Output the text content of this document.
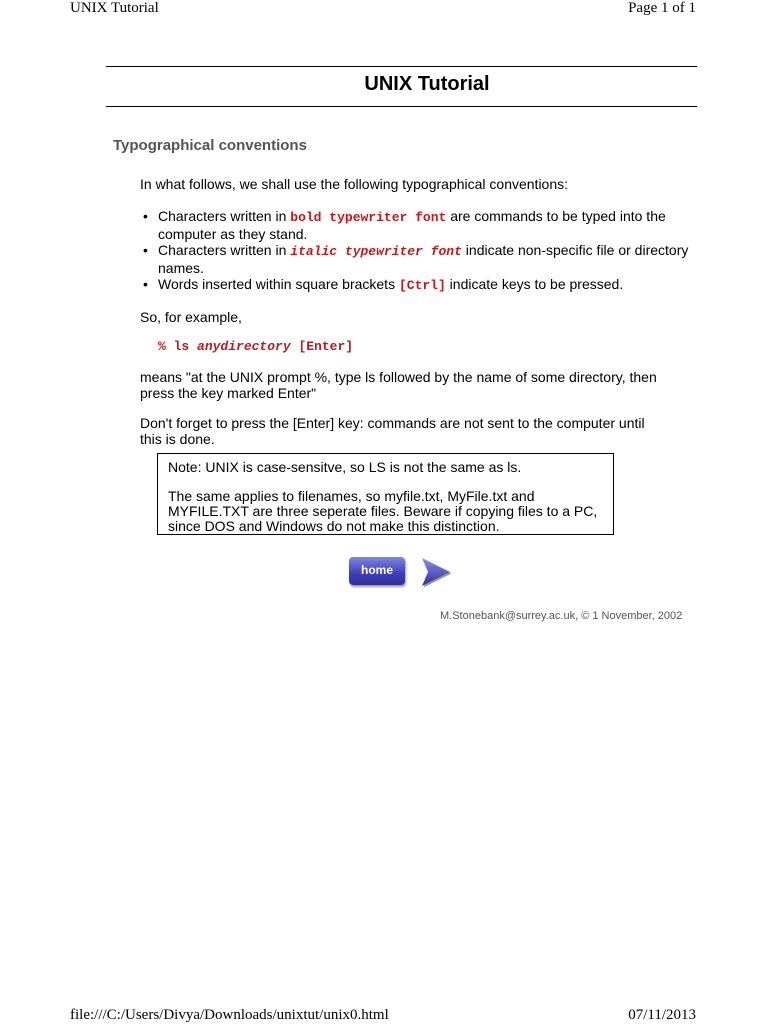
UNIX Tutorial	Page 1 of 1
UNIX Tutorial
Typographical conventions

In what follows, we shall use the following typographical conventions:

• Characters written in bold typewriter font are commands to be typed into the computer as they stand.
• Characters written in italic typewriter font indicate non-specific file or directory names.
• Words inserted within square brackets [Ctrl] indicate keys to be pressed.

So, for example,

% ls anydirectory [Enter]

means "at the UNIX prompt %, type ls followed by the name of some directory, then press the key marked Enter"

Don't forget to press the [Enter] key: commands are not sent to the computer until this is done.

Note: UNIX is case-sensitve, so LS is not the same as ls.

The same applies to filenames, so myfile.txt, MyFile.txt and MYFILE.TXT are three seperate files. Beware if copying files to a PC, since DOS and Windows do not make this distinction.

home
M.Stonebank@surrey.ac.uk, © 1 November, 2002
file:///C:/Users/Divya/Downloads/unixtut/unix0.html	07/11/2013
